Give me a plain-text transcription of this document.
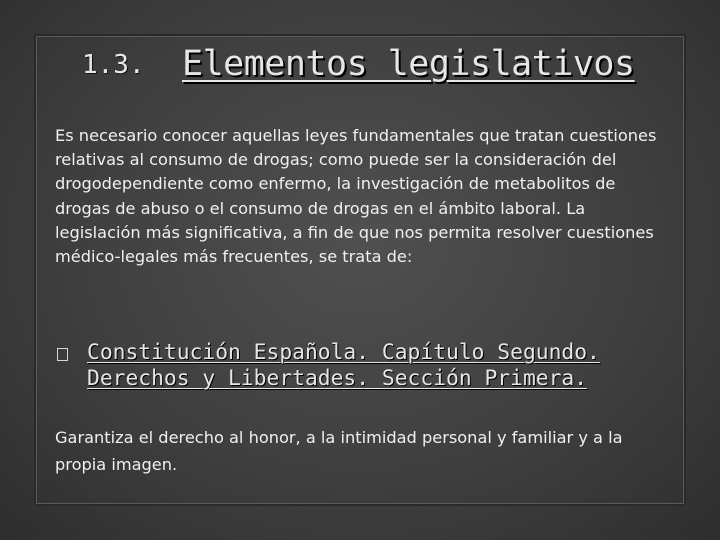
1.3. Elementos legislativos
Es necesario conocer aquellas leyes fundamentales que tratan cuestiones relativas al consumo de drogas; como puede ser la consideración del drogodependiente como enfermo, la investigación de metabolitos de drogas de abuso o el consumo de drogas en el ámbito laboral. La legislación más significativa, a fin de que nos permita resolver cuestiones médico-legales más frecuentes, se trata de:
Constitución Española. Capítulo Segundo. Derechos y Libertades. Sección Primera.
Garantiza el derecho al honor, a la intimidad personal y familiar y a la propia imagen.
